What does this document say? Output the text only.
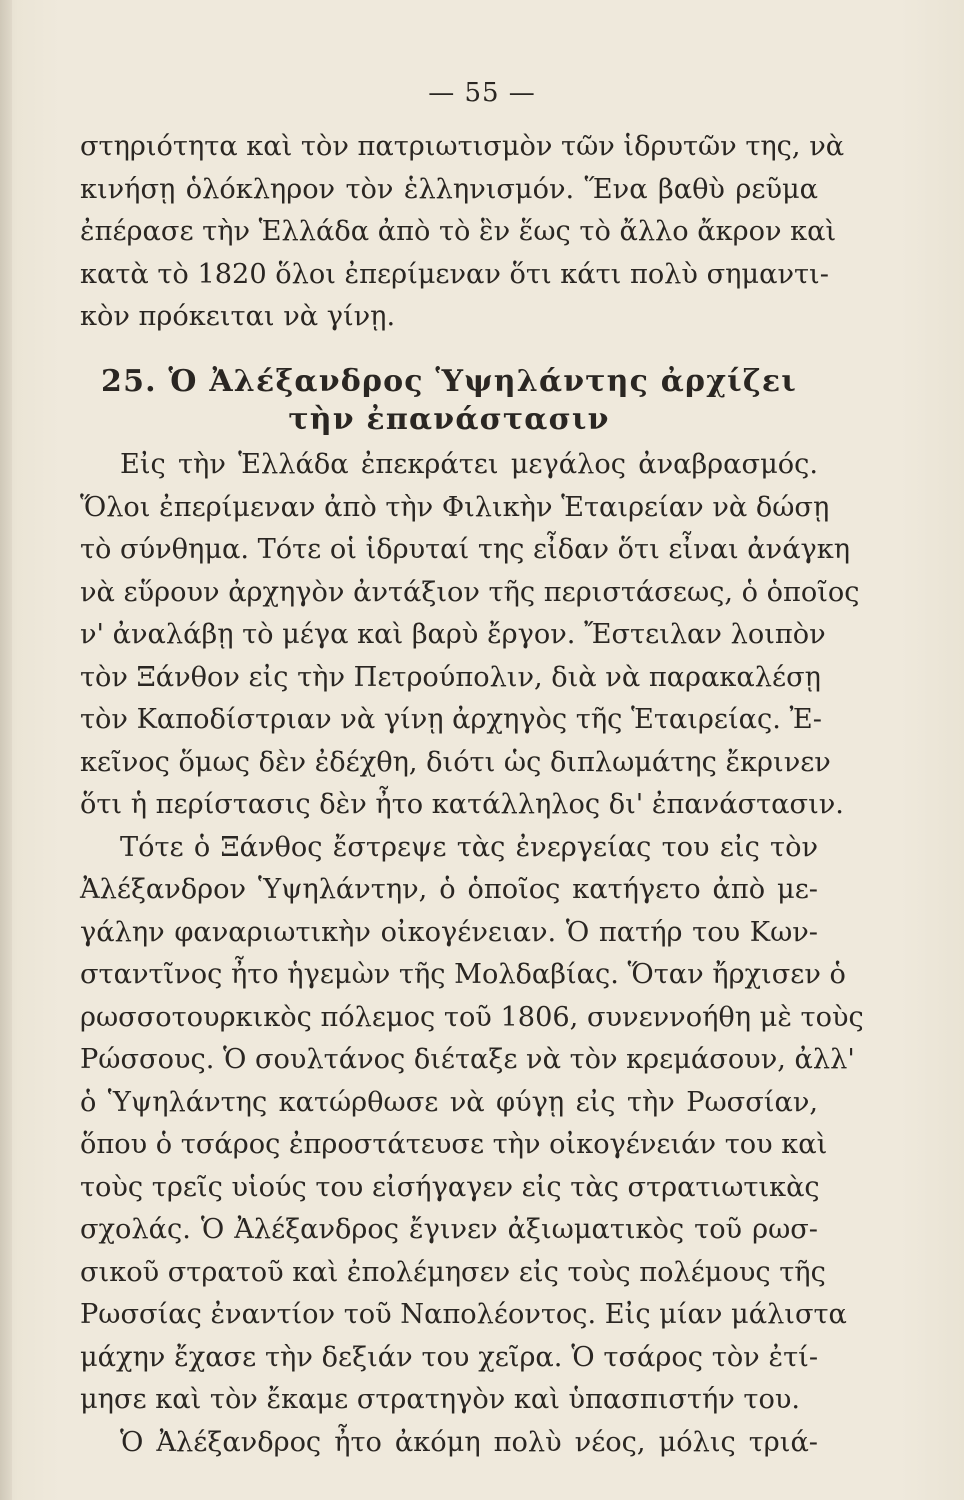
— 55 —
στηριότητα καὶ τὸν πατριωτισμὸν τῶν ἱδρυτῶν της, νὰ
κινήσῃ ὁλόκληρον τὸν ἑλληνισμόν. Ἕνα βαθὺ ρεῦμα
ἐπέρασε τὴν Ἑλλάδα ἀπὸ τὸ ἓν ἕως τὸ ἄλλο ἄκρον καὶ
κατὰ τὸ 1820 ὅλοι ἐπερίμεναν ὅτι κάτι πολὺ σημαντι-
κὸν πρόκειται νὰ γίνῃ.
25. Ὁ Ἀλέξανδρος Ὑψηλάντης ἀρχίζει
τὴν ἐπανάστασιν
Εἰς τὴν Ἑλλάδα ἐπεκράτει μεγάλος ἀναβρασμός.
Ὅλοι ἐπερίμεναν ἀπὸ τὴν Φιλικὴν Ἑταιρείαν νὰ δώσῃ
τὸ σύνθημα. Τότε οἱ ἱδρυταί της εἶδαν ὅτι εἶναι ἀνάγκη
νὰ εὕρουν ἀρχηγὸν ἀντάξιον τῆς περιστάσεως, ὁ ὁποῖος
ν' ἀναλάβῃ τὸ μέγα καὶ βαρὺ ἔργον. Ἔστειλαν λοιπὸν
τὸν Ξάνθον εἰς τὴν Πετρούπολιν, διὰ νὰ παρακαλέσῃ
τὸν Καποδίστριαν νὰ γίνῃ ἀρχηγὸς τῆς Ἑταιρείας. Ἐ-
κεῖνος ὅμως δὲν ἐδέχθη, διότι ὡς διπλωμάτης ἔκρινεν
ὅτι ἡ περίστασις δὲν ἦτο κατάλληλος δι' ἐπανάστασιν.
Τότε ὁ Ξάνθος ἔστρεψε τὰς ἐνεργείας του εἰς τὸν
Ἀλέξανδρον Ὑψηλάντην, ὁ ὁποῖος κατήγετο ἀπὸ με-
γάλην φαναριωτικὴν οἰκογένειαν. Ὁ πατήρ του Κων-
σταντῖνος ἦτο ἡγεμὼν τῆς Μολδαβίας. Ὅταν ἤρχισεν ὁ
ρωσσοτουρκικὸς πόλεμος τοῦ 1806, συνεννοήθη μὲ τοὺς
Ρώσσους. Ὁ σουλτάνος διέταξε νὰ τὸν κρεμάσουν, ἀλλ'
ὁ Ὑψηλάντης κατώρθωσε νὰ φύγῃ εἰς τὴν Ρωσσίαν,
ὅπου ὁ τσάρος ἐπροστάτευσε τὴν οἰκογένειάν του καὶ
τοὺς τρεῖς υἱούς του εἰσήγαγεν εἰς τὰς στρατιωτικὰς
σχολάς. Ὁ Ἀλέξανδρος ἔγινεν ἀξιωματικὸς τοῦ ρωσ-
σικοῦ στρατοῦ καὶ ἐπολέμησεν εἰς τοὺς πολέμους τῆς
Ρωσσίας ἐναντίον τοῦ Ναπολέοντος. Εἰς μίαν μάλιστα
μάχην ἔχασε τὴν δεξιάν του χεῖρα. Ὁ τσάρος τὸν ἐτί-
μησε καὶ τὸν ἔκαμε στρατηγὸν καὶ ὑπασπιστήν του.
Ὁ Ἀλέξανδρος ἦτο ἀκόμη πολὺ νέος, μόλις τριά-
